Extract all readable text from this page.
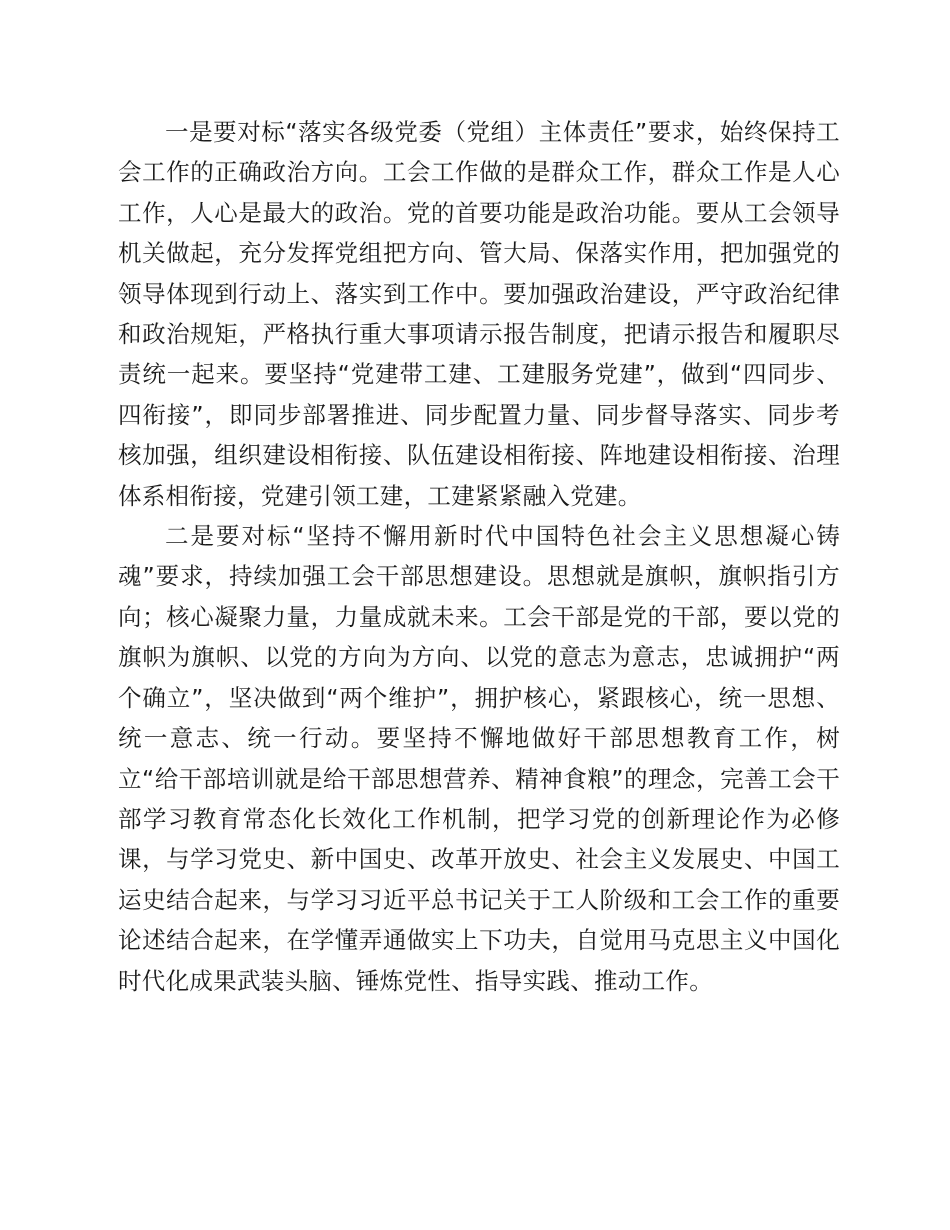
一是要对标“落实各级党委（党组）主体责任”要求，始终保持工会工作的正确政治方向。工会工作做的是群众工作，群众工作是人心工作，人心是最大的政治。党的首要功能是政治功能。要从工会领导机关做起，充分发挥党组把方向、管大局、保落实作用，把加强党的领导体现到行动上、落实到工作中。要加强政治建设，严守政治纪律和政治规矩，严格执行重大事项请示报告制度，把请示报告和履职尽责统一起来。要坚持“党建带工建、工建服务党建”，做到“四同步、四衔接”，即同步部署推进、同步配置力量、同步督导落实、同步考核加强，组织建设相衔接、队伍建设相衔接、阵地建设相衔接、治理体系相衔接，党建引领工建，工建紧紧融入党建。

二是要对标“坚持不懈用新时代中国特色社会主义思想凝心铸魂”要求，持续加强工会干部思想建设。思想就是旗帜，旗帜指引方向；核心凝聚力量，力量成就未来。工会干部是党的干部，要以党的旗帜为旗帜、以党的方向为方向、以党的意志为意志，忠诚拥护“两个确立”，坚决做到“两个维护”，拥护核心，紧跟核心，统一思想、统一意志、统一行动。要坚持不懈地做好干部思想教育工作，树立“给干部培训就是给干部思想营养、精神食粮”的理念，完善工会干部学习教育常态化长效化工作机制，把学习党的创新理论作为必修课，与学习党史、新中国史、改革开放史、社会主义发展史、中国工运史结合起来，与学习习近平总书记关于工人阶级和工会工作的重要论述结合起来，在学懂弄通做实上下功夫，自觉用马克思主义中国化时代化成果武装头脑、锤炼党性、指导实践、推动工作。
